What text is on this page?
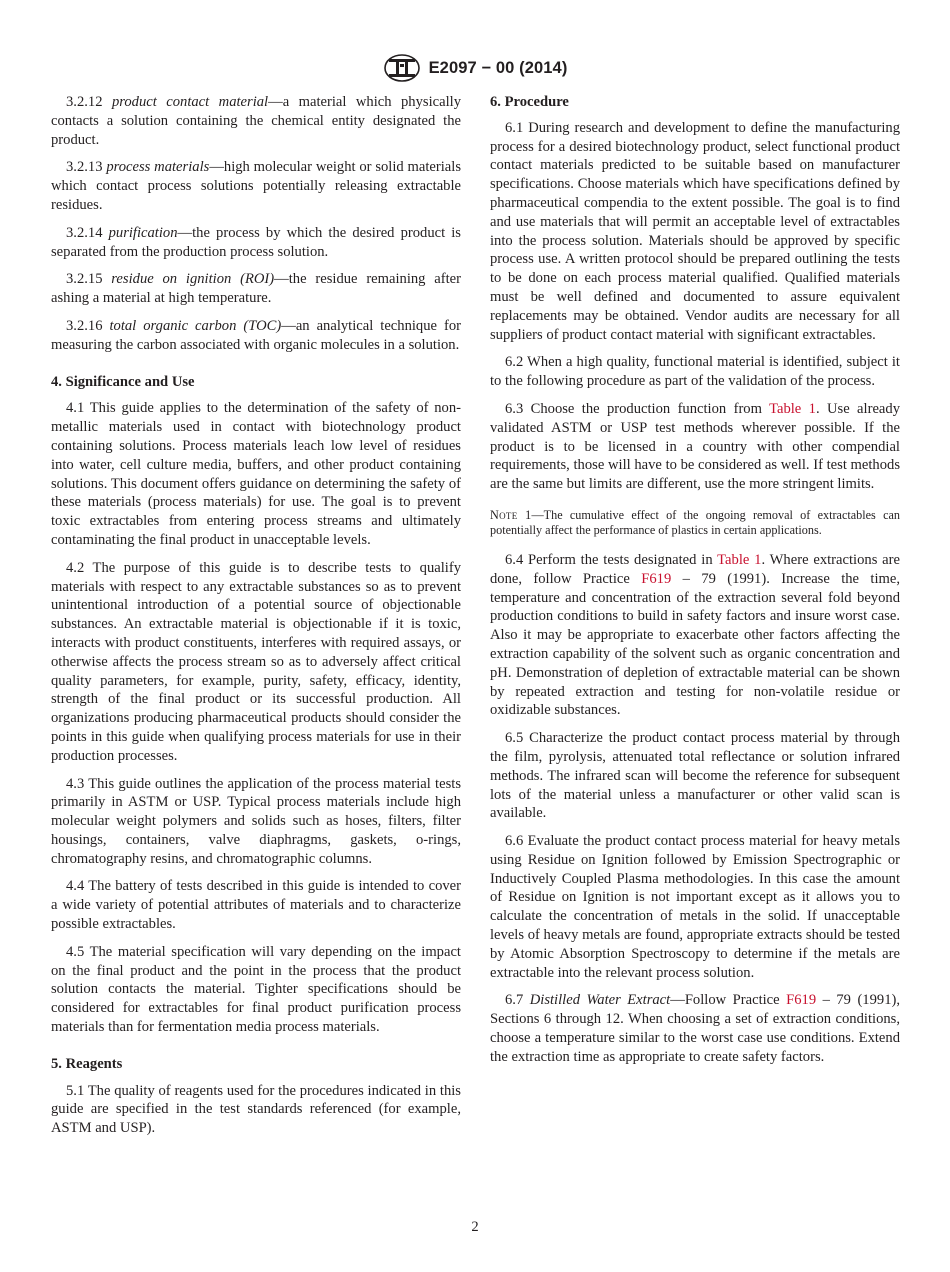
E2097 − 00 (2014)

3.2.12 product contact material—a material which physically contacts a solution containing the chemical entity designated the product.

3.2.13 process materials—high molecular weight or solid materials which contact process solutions potentially releasing extractable residues.

3.2.14 purification—the process by which the desired product is separated from the production process solution.

3.2.15 residue on ignition (ROI)—the residue remaining after ashing a material at high temperature.

3.2.16 total organic carbon (TOC)—an analytical technique for measuring the carbon associated with organic molecules in a solution.

4. Significance and Use

4.1 This guide applies to the determination of the safety of non-metallic materials used in contact with biotechnology product containing solutions. Process materials leach low level of residues into water, cell culture media, buffers, and other product containing solutions. This document offers guidance on determining the safety of these materials (process materials) for use. The goal is to prevent toxic extractables from entering process streams and ultimately contaminating the final product in unacceptable levels.

4.2 The purpose of this guide is to describe tests to qualify materials with respect to any extractable substances so as to prevent unintentional introduction of a potential source of objectionable substances. An extractable material is objectionable if it is toxic, interacts with product constituents, interferes with required assays, or otherwise affects the process stream so as to adversely affect critical quality parameters, for example, purity, safety, efficacy, identity, strength of the final product or its successful production. All organizations producing pharmaceutical products should consider the points in this guide when qualifying process materials for use in their production processes.

4.3 This guide outlines the application of the process material tests primarily in ASTM or USP. Typical process materials include high molecular weight polymers and solids such as hoses, filters, filter housings, containers, valve diaphragms, gaskets, o-rings, chromatography resins, and chromatographic columns.

4.4 The battery of tests described in this guide is intended to cover a wide variety of potential attributes of materials and to characterize possible extractables.

4.5 The material specification will vary depending on the impact on the final product and the point in the process that the product solution contacts the material. Tighter specifications should be considered for extractables for final product purification process materials than for fermentation media process materials.

5. Reagents

5.1 The quality of reagents used for the procedures indicated in this guide are specified in the test standards referenced (for example, ASTM and USP).

6. Procedure

6.1 During research and development to define the manufacturing process for a desired biotechnology product, select functional product contact materials predicted to be suitable based on manufacturer specifications. Choose materials which have specifications defined by pharmaceutical compendia to the extent possible. The goal is to find and use materials that will permit an acceptable level of extractables into the process solution. Materials should be approved by specific process use. A written protocol should be prepared outlining the tests to be done on each process material qualified. Qualified materials must be well defined and documented to assure equivalent replacements may be obtained. Vendor audits are necessary for all suppliers of product contact material with significant extractables.

6.2 When a high quality, functional material is identified, subject it to the following procedure as part of the validation of the process.

6.3 Choose the production function from Table 1. Use already validated ASTM or USP test methods wherever possible. If the product is to be licensed in a country with other compendial requirements, those will have to be considered as well. If test methods are the same but limits are different, use the more stringent limits.

Note 1—The cumulative effect of the ongoing removal of extractables can potentially affect the performance of plastics in certain applications.

6.4 Perform the tests designated in Table 1. Where extractions are done, follow Practice F619 – 79 (1991). Increase the time, temperature and concentration of the extraction several fold beyond production conditions to build in safety factors and insure worst case. Also it may be appropriate to exacerbate other factors affecting the extraction capability of the solvent such as organic concentration and pH. Demonstration of depletion of extractable material can be shown by repeated extraction and testing for non-volatile residue or oxidizable substances.

6.5 Characterize the product contact process material by through the film, pyrolysis, attenuated total reflectance or solution infrared methods. The infrared scan will become the reference for subsequent lots of the material unless a manufacturer or other valid scan is available.

6.6 Evaluate the product contact process material for heavy metals using Residue on Ignition followed by Emission Spectrographic or Inductively Coupled Plasma methodologies. In this case the amount of Residue on Ignition is not important except as it allows you to calculate the concentration of metals in the solid. If unacceptable levels of heavy metals are found, appropriate extracts should be tested by Atomic Absorption Spectroscopy to determine if the metals are extractable into the relevant process solution.

6.7 Distilled Water Extract—Follow Practice F619 – 79 (1991), Sections 6 through 12. When choosing a set of extraction conditions, choose a temperature similar to the worst case use conditions. Extend the extraction time as appropriate to create safety factors.

2
